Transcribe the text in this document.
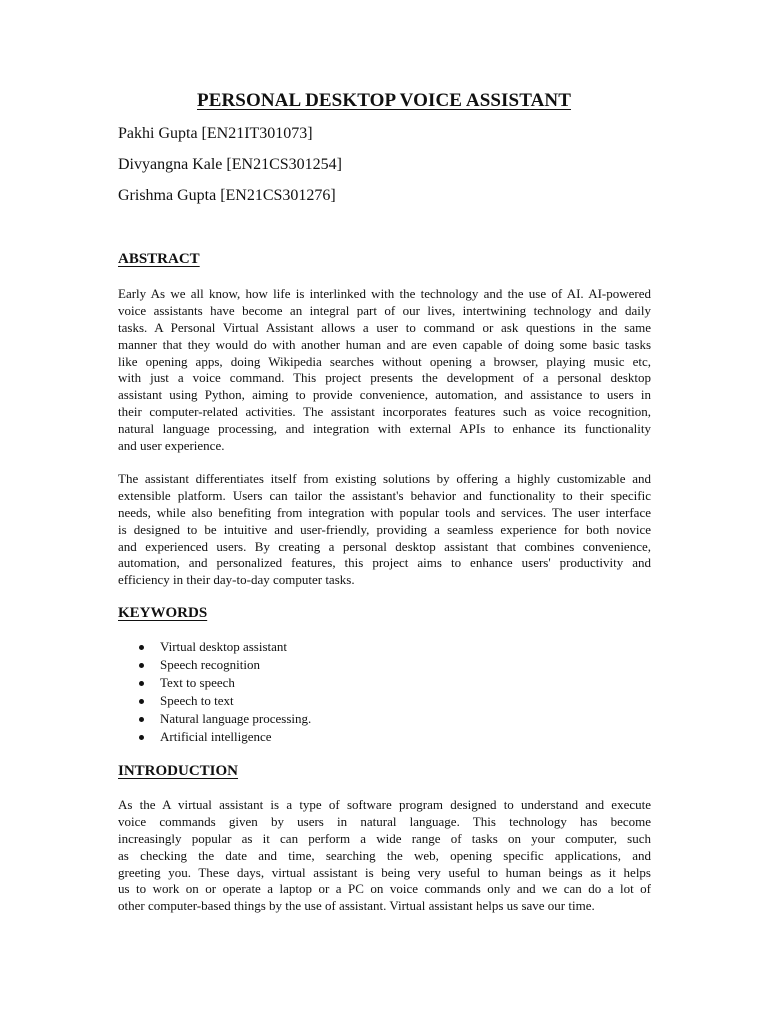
PERSONAL DESKTOP VOICE ASSISTANT

Pakhi Gupta [EN21IT301073]

Divyangna Kale [EN21CS301254]

Grishma Gupta [EN21CS301276]

ABSTRACT
Early As we all know, how life is interlinked with the technology and the use of AI. AI-powered
voice assistants have become an integral part of our lives, intertwining technology and daily
tasks. A Personal Virtual Assistant allows a user to command or ask questions in the same
manner that they would do with another human and are even capable of doing some basic tasks
like opening apps, doing Wikipedia searches without opening a browser, playing music etc,
with just a voice command. This project presents the development of a personal desktop
assistant using Python, aiming to provide convenience, automation, and assistance to users in
their computer-related activities. The assistant incorporates features such as voice recognition,
natural language processing, and integration with external APIs to enhance its functionality
and user experience.
The assistant differentiates itself from existing solutions by offering a highly customizable and
extensible platform. Users can tailor the assistant's behavior and functionality to their specific
needs, while also benefiting from integration with popular tools and services. The user interface
is designed to be intuitive and user-friendly, providing a seamless experience for both novice
and experienced users. By creating a personal desktop assistant that combines convenience,
automation, and personalized features, this project aims to enhance users' productivity and
efficiency in their day-to-day computer tasks.
KEYWORDS
Virtual desktop assistant
Speech recognition
Text to speech
Speech to text
Natural language processing.
Artificial intelligence
INTRODUCTION
As the A virtual assistant is a type of software program designed to understand and execute
voice commands given by users in natural language. This technology has become
increasingly popular as it can perform a wide range of tasks on your computer, such
as checking the date and time, searching the web, opening specific applications, and
greeting you. These days, virtual assistant is being very useful to human beings as it helps
us to work on or operate a laptop or a PC on voice commands only and we can do a lot of
other computer-based things by the use of assistant. Virtual assistant helps us save our time.
